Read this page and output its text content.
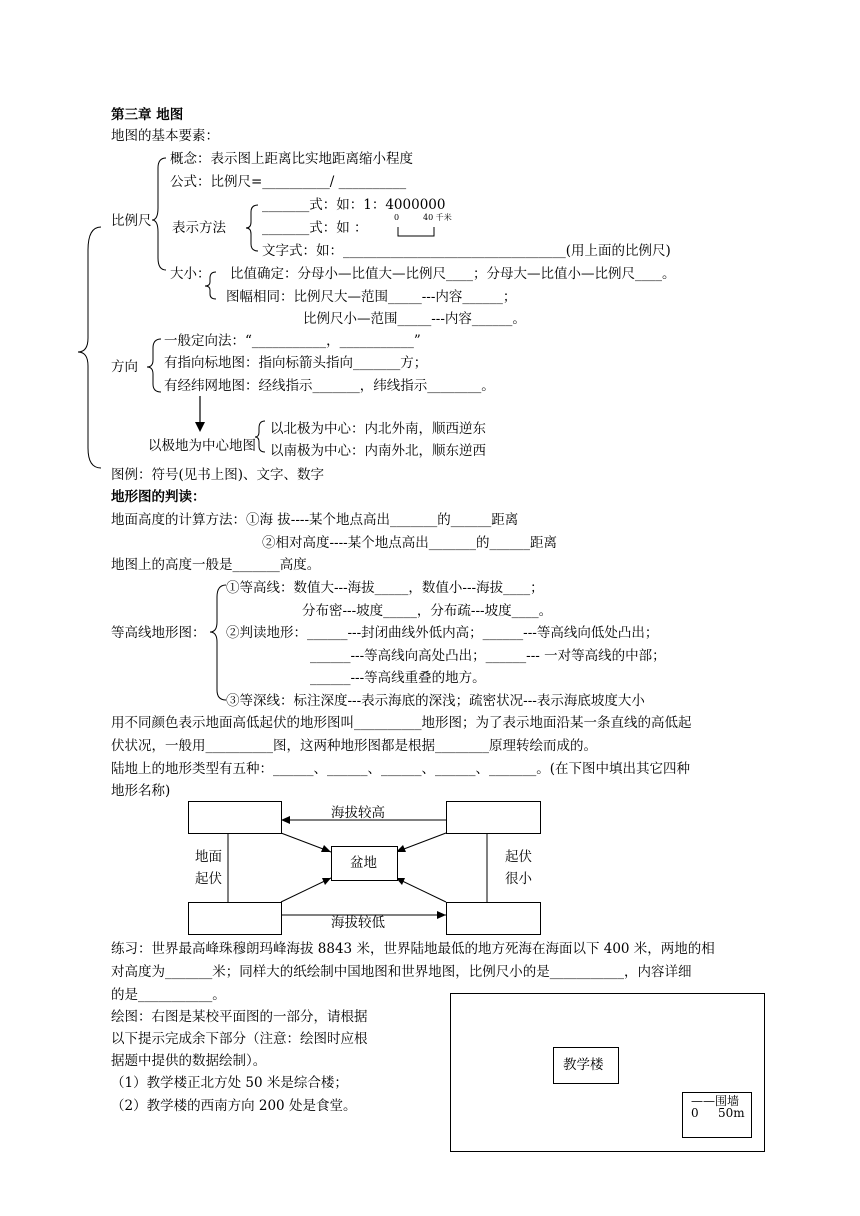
第三章 地图
地图的基本要素：
概念：表示图上距离比实地距离缩小程度
公式：比例尺=__________/ __________
比例尺
_______式：如：1：4000000
表示方法	_______式：如 ：
0	40 千米
文字式：如：_________________________________(用上面的比例尺)
大小： 比值确定：分母小—比值大—比例尺____；分母大—比值小—比例尺____。
图幅相同：比例尺大—范围_____---内容______；
比例尺小—范围_____---内容______。
一般定向法：“___________，___________”
方向 有指向标地图：指向标箭头指向_______方；
有经纬网地图：经线指示_______，纬线指示________。
以极地为中心地图
以北极为中心：内北外南，顺西逆东
以南极为中心：内南外北，顺东逆西
图例：符号(见书上图)、文字、数字
地形图的判读：
地面高度的计算方法：①海 拔----某个地点高出_______的______距离
②相对高度----某个地点高出_______的______距离
地图上的高度一般是_______高度。
①等高线：数值大---海拔_____，数值小---海拔____；
分布密---坡度_____，分布疏---坡度____。
等高线地形图： ②判读地形：______---封闭曲线外低内高；______---等高线向低处凸出；
______---等高线向高处凸出；______--- 一对等高线的中部；
______---等高线重叠的地方。
③等深线：标注深度---表示海底的深浅；疏密状况---表示海底坡度大小
用不同颜色表示地面高低起伏的地形图叫__________地形图；为了表示地面沿某一条直线的高低起
伏状况，一般用__________图，这两种地形图都是根据________原理转绘而成的。
陆地上的地形类型有五种：______、______、______、______、_______。(在下图中填出其它四种
地形名称)
海拔较高
海拔较低
地面
起伏
起伏
很小
盆地
练习：世界最高峰珠穆朗玛峰海拔 8843 米，世界陆地最低的地方死海在海面以下 400 米，两地的相
对高度为_______米；同样大的纸绘制中国地图和世界地图，比例尺小的是___________，内容详细
的是___________。
绘图：右图是某校平面图的一部分，请根据
以下提示完成余下部分（注意：绘图时应根
据题中提供的数据绘制）。
（1）教学楼正北方处 50 米是综合楼；
（2）教学楼的西南方向 200 处是食堂。
教学楼
——围墙
0 50m
